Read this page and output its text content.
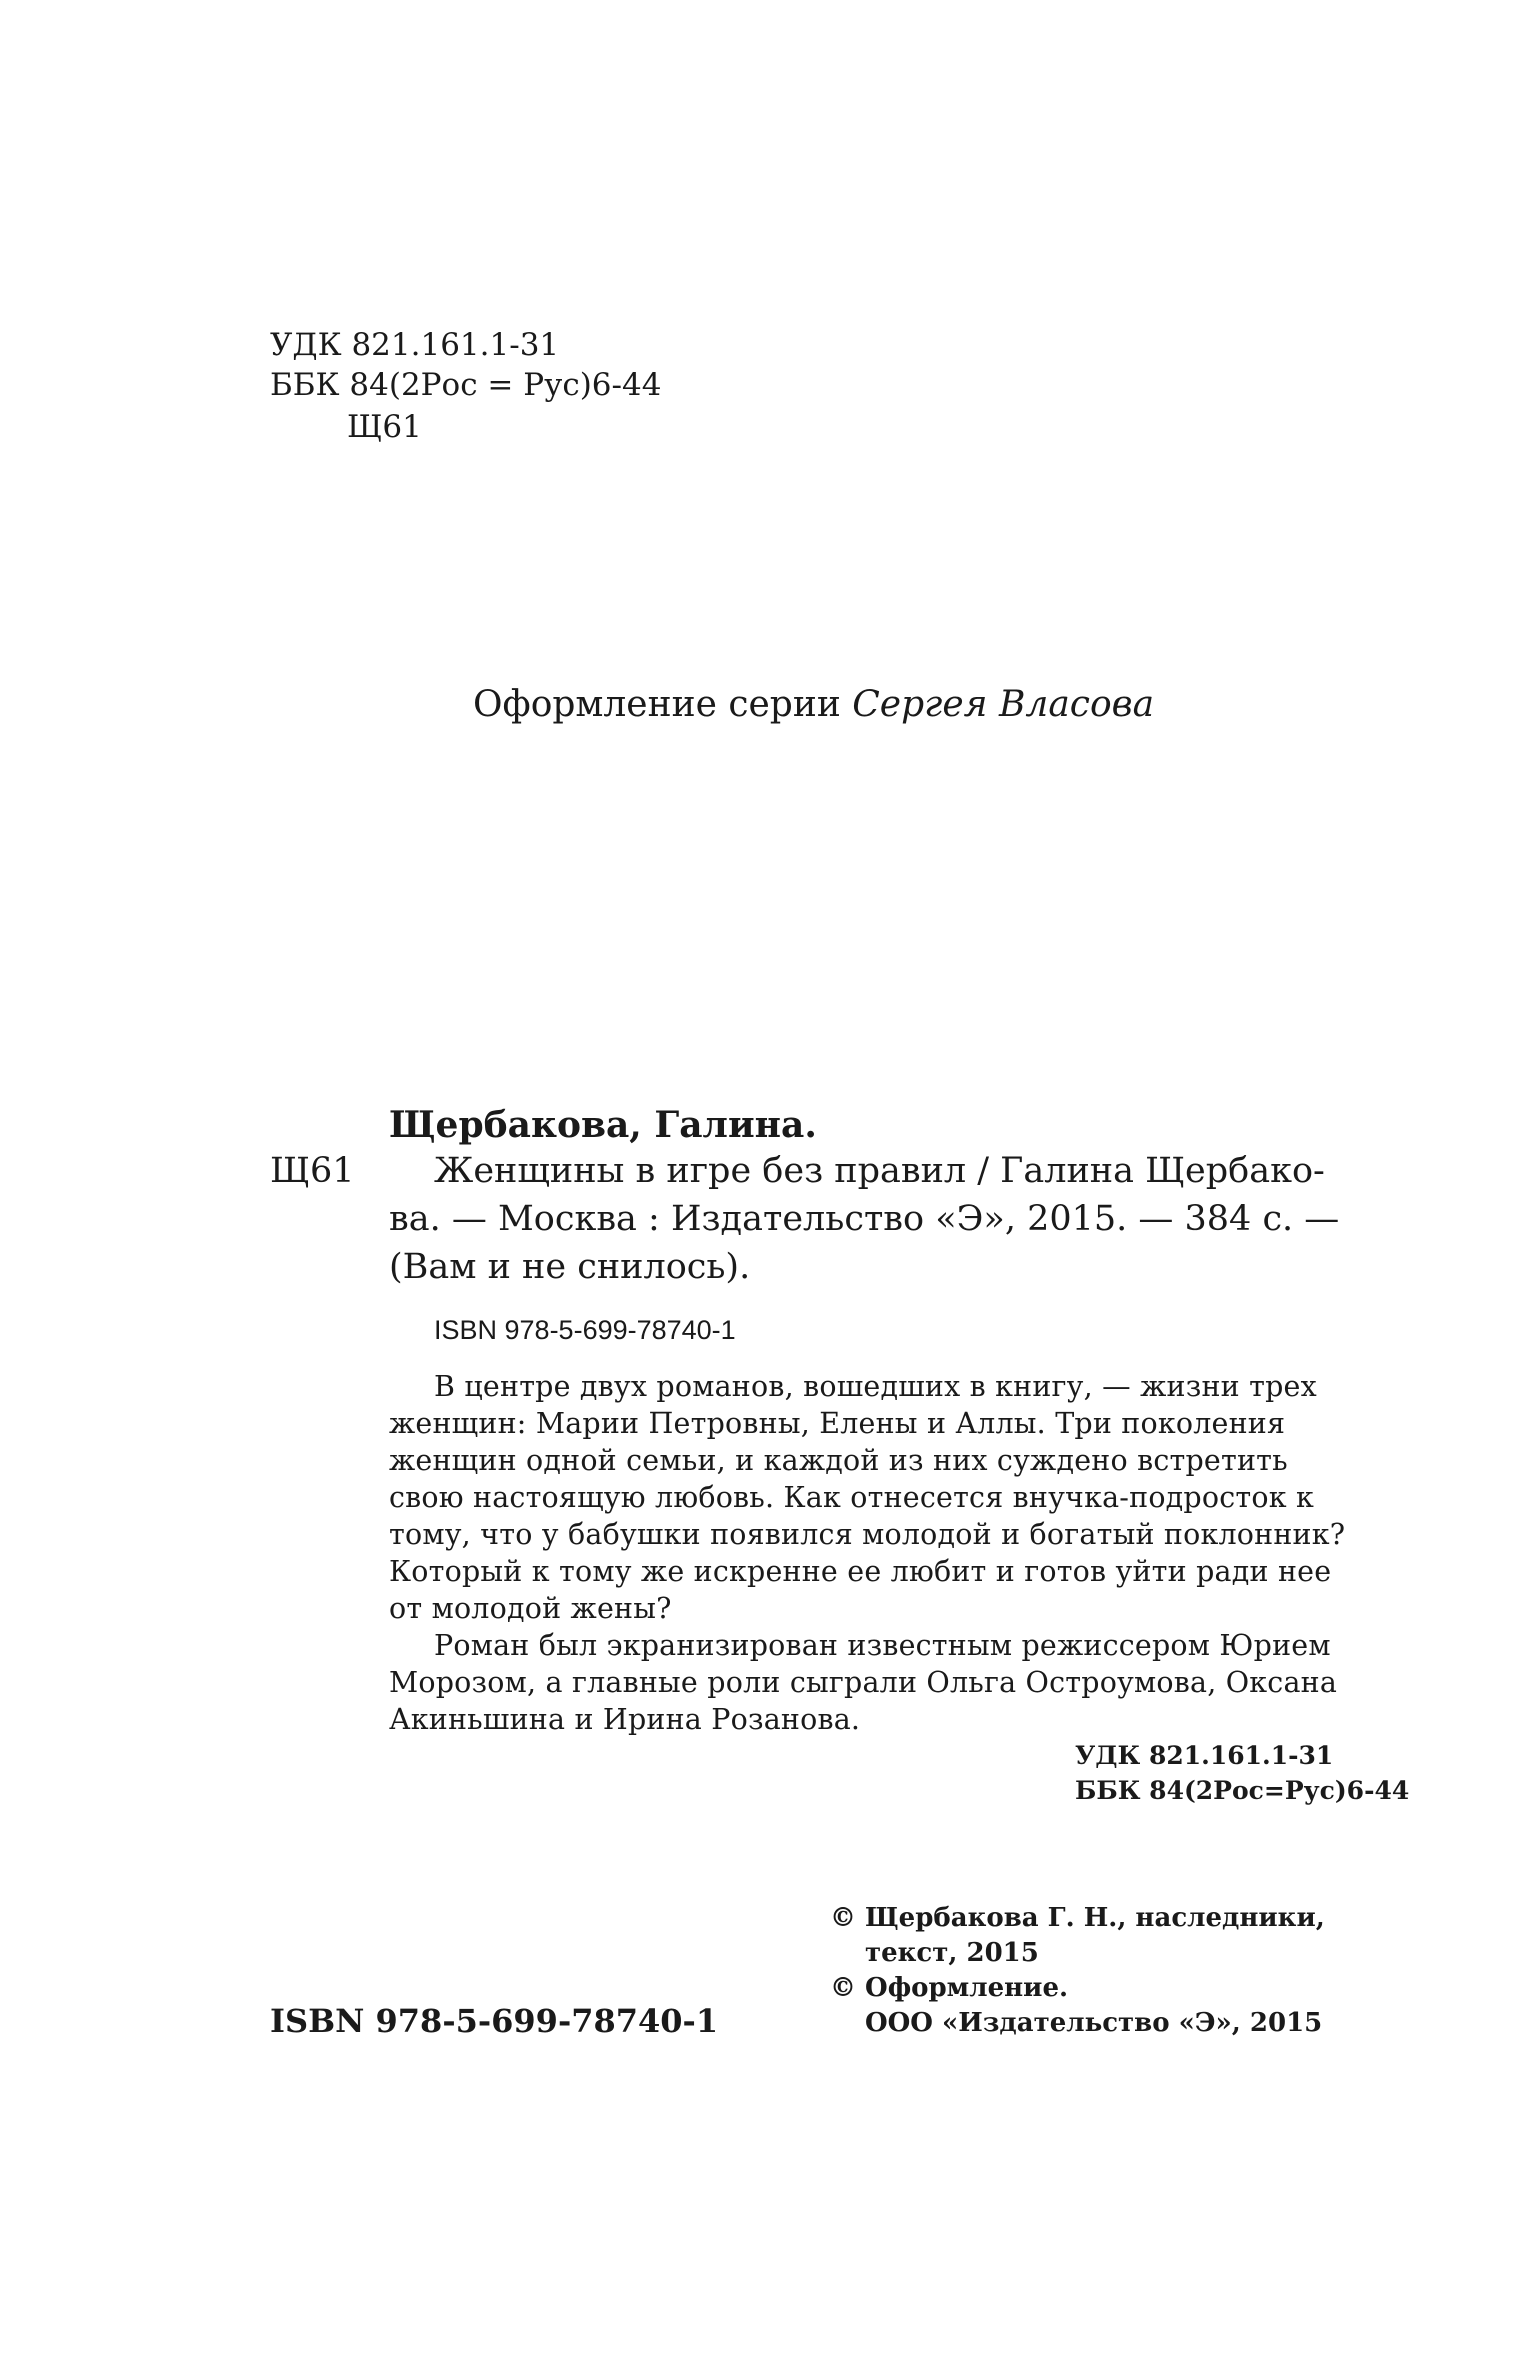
УДК 821.161.1-31
ББК 84(2Рос = Рус)6-44
Щ61
Оформление серии Сергея Власова
Щербакова, Галина.
Щ61 Женщины в игре без правил / Галина Щербако-
ва. — Москва : Издательство «Э», 2015. — 384 с. —
(Вам и не снилось).
ISBN 978-5-699-78740-1
В центре двух романов, вошедших в книгу, — жизни трех
женщин: Марии Петровны, Елены и Аллы. Три поколения
женщин одной семьи, и каждой из них суждено встретить
свою настоящую любовь. Как отнесется внучка-подросток к
тому, что у бабушки появился молодой и богатый поклонник?
Который к тому же искренне ее любит и готов уйти ради нее
от молодой жены?
Роман был экранизирован известным режиссером Юрием
Морозом, а главные роли сыграли Ольга Остроумова, Оксана
Акиньшина и Ирина Розанова.
УДК 821.161.1-31
ББК 84(2Рос=Рус)6-44
© Щербакова Г. Н., наследники,
текст, 2015
© Оформление.
ООО «Издательство «Э», 2015
ISBN 978-5-699-78740-1
